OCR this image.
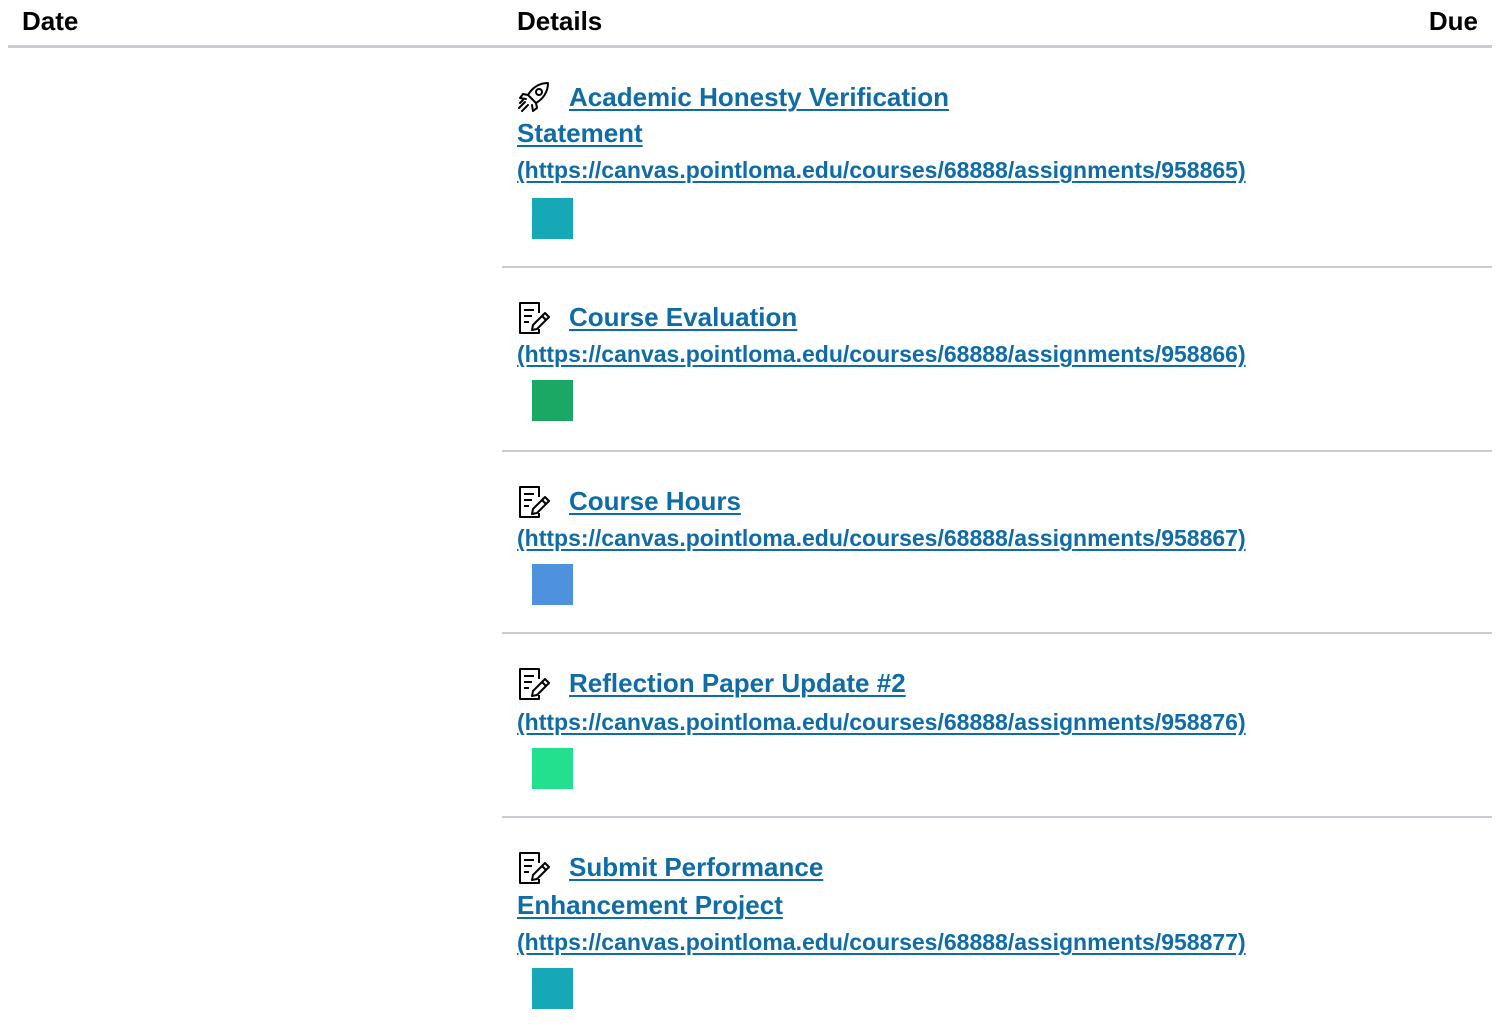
Date	Details	Due
Academic Honesty Verification
Statement
(https://canvas.pointloma.edu/courses/68888/assignments/958865)
Course Evaluation
(https://canvas.pointloma.edu/courses/68888/assignments/958866)
Course Hours
(https://canvas.pointloma.edu/courses/68888/assignments/958867)
Reflection Paper Update #2
(https://canvas.pointloma.edu/courses/68888/assignments/958876)
Submit Performance
Enhancement Project
(https://canvas.pointloma.edu/courses/68888/assignments/958877)
